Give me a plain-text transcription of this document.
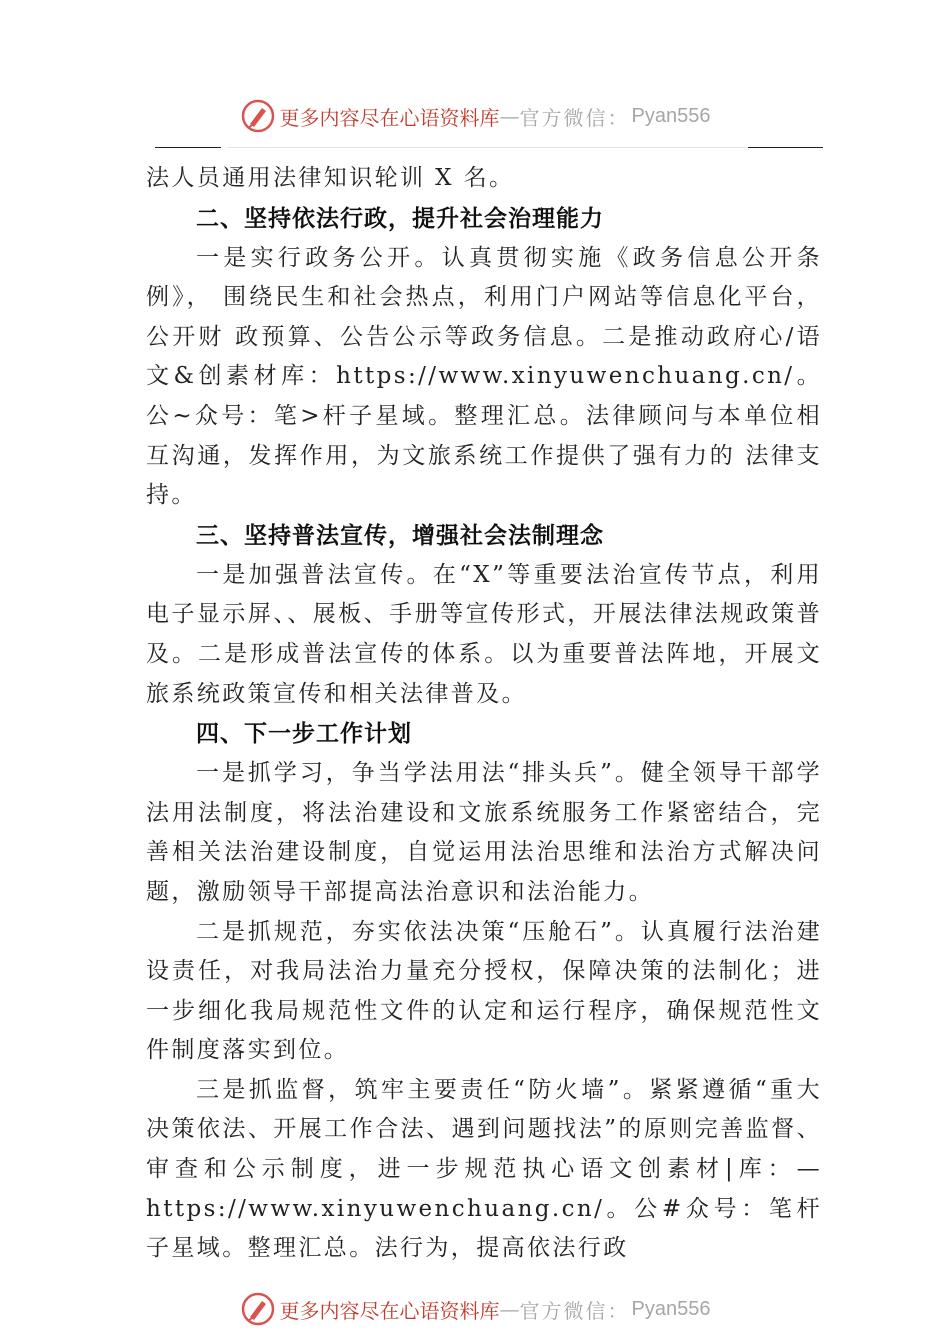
更多内容尽在心语资料库 — 官方微信： Pyan556

法人员通用法律知识轮训 X 名。

二、坚持依法行政，提升社会治理能力

一是实行政务公开。认真贯彻实施《政务信息公开条例》， 围绕民生和社会热点，利用门户网站等信息化平台，公开财 政预算、公告公示等政务信息。二是推动政府心/语文&创素材库：https://www.xinyuwenchuang.cn/。公~众号：笔>杆子星域。整理汇总。法律顾问与本单位相互沟通，发挥作用，为文旅系统工作提供了强有力的 法律支持。

三、坚持普法宣传，增强社会法制理念

一是加强普法宣传。在“X”等重要法治宣传节点，利用电子显示屏、、展板、手册等宣传形式，开展法律法规政策普及。二是形成普法宣传的体系。以为重要普法阵地，开展文旅系统政策宣传和相关法律普及。

四、下一步工作计划

一是抓学习，争当学法用法“排头兵”。健全领导干部学法用法制度，将法治建设和文旅系统服务工作紧密结合，完善相关法治建设制度，自觉运用法治思维和法治方式解决问题，激励领导干部提高法治意识和法治能力。

二是抓规范，夯实依法决策“压舱石”。认真履行法治建设责任，对我局法治力量充分授权，保障决策的法制化；进一步细化我局规范性文件的认定和运行程序，确保规范性文件制度落实到位。

三是抓监督，筑牢主要责任“防火墙”。紧紧遵循“重大决策依法、开展工作合法、遇到问题找法”的原则完善监督、审查和公示制度，进一步规范执心语文创素材|库：—https://www.xinyuwenchuang.cn/。公#众号：笔杆子星域。整理汇总。法行为，提高依法行政

更多内容尽在心语资料库 — 官方微信： Pyan556
